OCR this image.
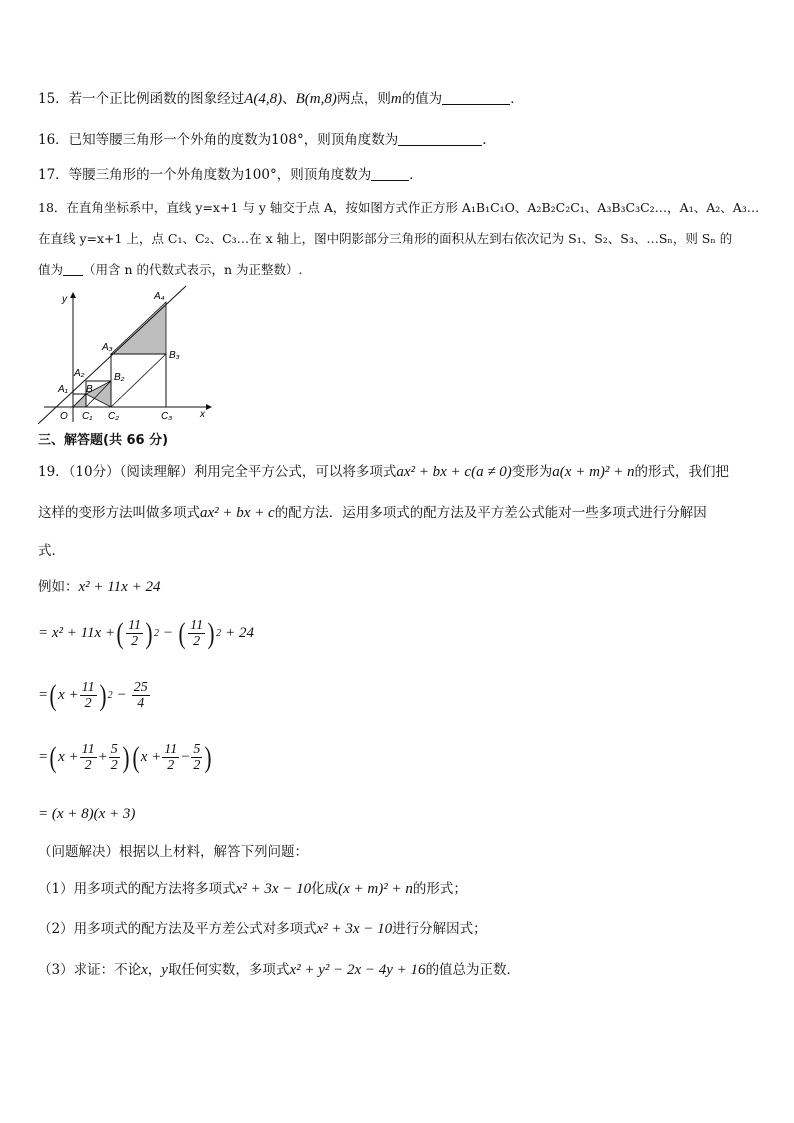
15．若一个正比例函数的图象经过A(4,8)、B(m,8)两点，则m的值为	．
16．已知等腰三角形一个外角的度数为108°，则顶角度数为	.
17．等腰三角形的一个外角度数为100°，则顶角度数为	．
18．在直角坐标系中，直线 y=x+1 与 y 轴交于点 A，按如图方式作正方形 A₁B₁C₁O、A₂B₂C₂C₁、A₃B₃C₃C₂…，A₁、A₂、A₃…
在直线 y=x+1 上，点 C₁、C₂、C₃…在 x 轴上，图中阴影部分三角形的面积从左到右依次记为 S₁、S₂、S₃、…Sₙ，则 Sₙ 的
值为 （用含 n 的代数式表示，n 为正整数）.
y
x
O
A₁
A₂
A₃
A₄
B
B₂
B₃
C₁ C₂	C₃
三、解答题(共 66 分)
19．（10分）（阅读理解）利用完全平方公式，可以将多项式ax² + bx + c(a ≠ 0)变形为a(x + m)² + n的形式，我们把
这样的变形方法叫做多项式ax² + bx + c的配方法．运用多项式的配方法及平方差公式能对一些多项式进行分解因
式．
例如：x² + 11x + 24
= x² + 11x + ( $\frac{11}{2}$ ) 2 − ( $\frac{11}{2}$ ) 2 + 24
= ( $x + \frac{11}{2}$ ) $2 - \frac{25}{4}$
= ( $x + \frac{11}{2} + \frac{5}{2}$ ) ( $x + \frac{11}{2} - \frac{5}{2}$ )
= (x + 8)(x + 3)
（问题解决）根据以上材料，解答下列问题：
（1）用多项式的配方法将多项式x² + 3x − 10化成(x + m)² + n的形式；
（2）用多项式的配方法及平方差公式对多项式x² + 3x − 10进行分解因式；
（3）求证：不论x，y取任何实数，多项式x² + y² − 2x − 4y + 16的值总为正数．
